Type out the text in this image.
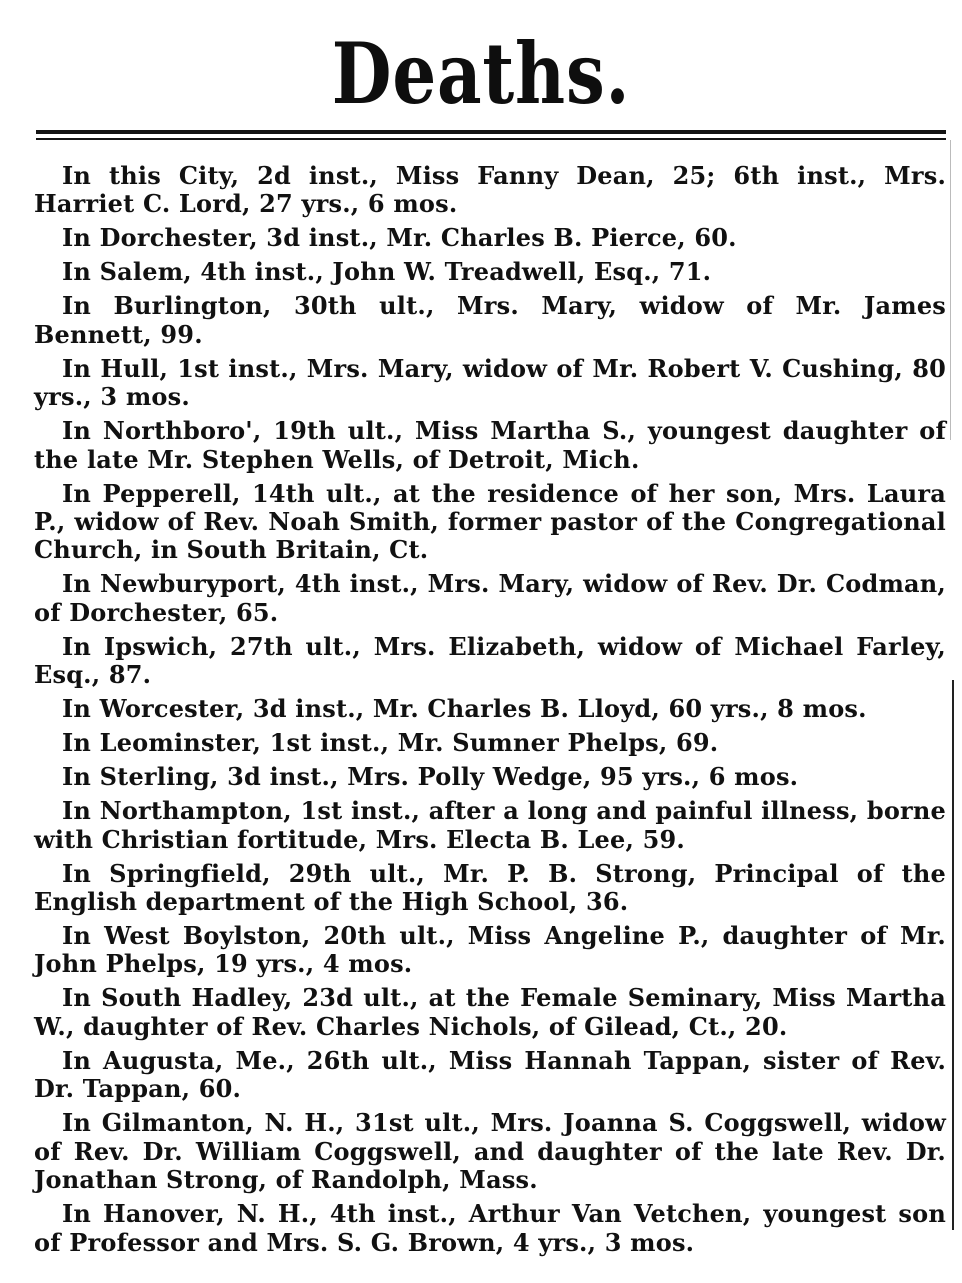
Deaths.

In this City, 2d inst., Miss Fanny Dean, 25; 6th inst., Mrs. Harriet C. Lord, 27 yrs., 6 mos.

In Dorchester, 3d inst., Mr. Charles B. Pierce, 60.

In Salem, 4th inst., John W. Treadwell, Esq., 71.

In Burlington, 30th ult., Mrs. Mary, widow of Mr. James Bennett, 99.

In Hull, 1st inst., Mrs. Mary, widow of Mr. Robert V. Cushing, 80 yrs., 3 mos.

In Northboro', 19th ult., Miss Martha S., youngest daughter of the late Mr. Stephen Wells, of Detroit, Mich.

In Pepperell, 14th ult., at the residence of her son, Mrs. Laura P., widow of Rev. Noah Smith, former pastor of the Congregational Church, in South Britain, Ct.

In Newburyport, 4th inst., Mrs. Mary, widow of Rev. Dr. Codman, of Dorchester, 65.

In Ipswich, 27th ult., Mrs. Elizabeth, widow of Michael Farley, Esq., 87.

In Worcester, 3d inst., Mr. Charles B. Lloyd, 60 yrs., 8 mos.

In Leominster, 1st inst., Mr. Sumner Phelps, 69.

In Sterling, 3d inst., Mrs. Polly Wedge, 95 yrs., 6 mos.

In Northampton, 1st inst., after a long and painful illness, borne with Christian fortitude, Mrs. Electa B. Lee, 59.

In Springfield, 29th ult., Mr. P. B. Strong, Principal of the English department of the High School, 36.

In West Boylston, 20th ult., Miss Angeline P., daughter of Mr. John Phelps, 19 yrs., 4 mos.

In South Hadley, 23d ult., at the Female Seminary, Miss Martha W., daughter of Rev. Charles Nichols, of Gilead, Ct., 20.

In Augusta, Me., 26th ult., Miss Hannah Tappan, sister of Rev. Dr. Tappan, 60.

In Gilmanton, N. H., 31st ult., Mrs. Joanna S. Coggswell, widow of Rev. Dr. William Coggswell, and daughter of the late Rev. Dr. Jonathan Strong, of Randolph, Mass.

In Hanover, N. H., 4th inst., Arthur Van Vetchen, youngest son of Professor and Mrs. S. G. Brown, 4 yrs., 3 mos.
